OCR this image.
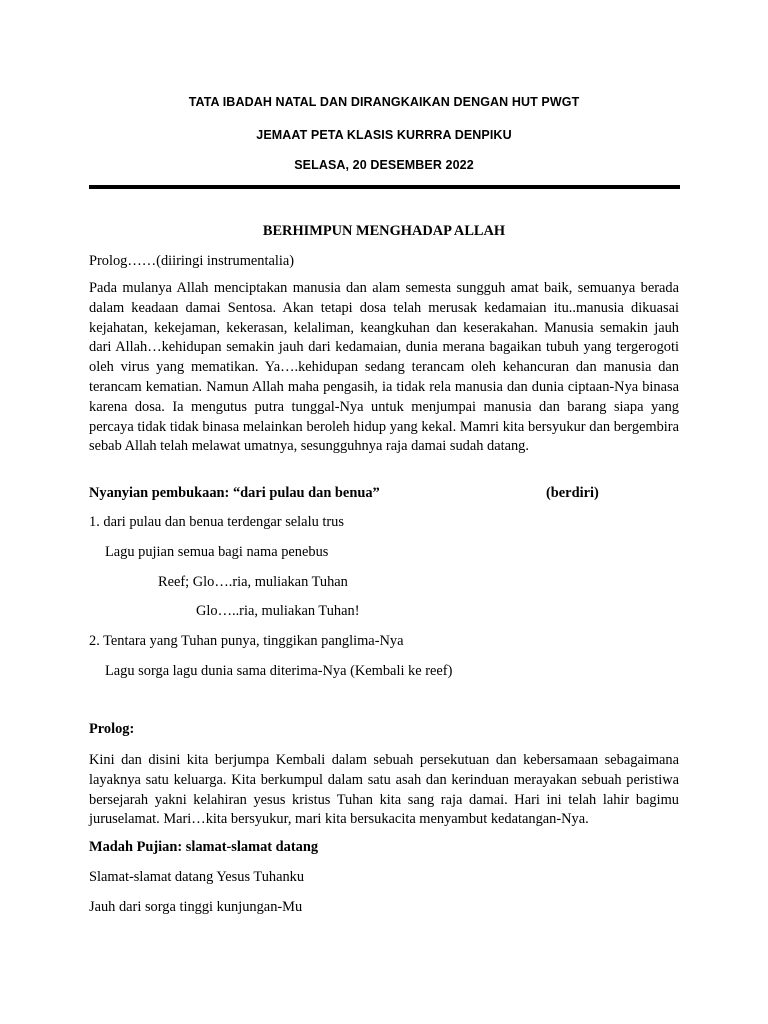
TATA IBADAH NATAL DAN DIRANGKAIKAN DENGAN HUT PWGT
JEMAAT PETA KLASIS KURRRA DENPIKU
SELASA, 20 DESEMBER 2022
BERHIMPUN MENGHADAP ALLAH
Prolog……(diiringi instrumentalia)
Pada mulanya Allah menciptakan manusia dan alam semesta sungguh amat baik, semuanya berada dalam keadaan damai Sentosa. Akan tetapi dosa telah merusak kedamaian itu..manusia dikuasai kejahatan, kekejaman, kekerasan, kelaliman, keangkuhan dan keserakahan. Manusia semakin jauh dari Allah…kehidupan semakin jauh dari kedamaian, dunia merana bagaikan tubuh yang tergerogoti oleh virus yang mematikan. Ya….kehidupan sedang terancam oleh kehancuran dan manusia dan terancam kematian. Namun Allah maha pengasih, ia tidak rela manusia dan dunia ciptaan-Nya binasa karena dosa. Ia mengutus putra tunggal-Nya untuk menjumpai manusia dan barang siapa yang percaya tidak tidak binasa melainkan beroleh hidup yang kekal. Mamri kita bersyukur dan bergembira sebab Allah telah melawat umatnya, sesungguhnya raja damai sudah datang.
Nyanyian pembukaan: “dari pulau dan benua”	(berdiri)
1. dari pulau dan benua terdengar selalu trus
Lagu pujian semua bagi nama penebus
Reef; Glo….ria, muliakan Tuhan
Glo…..ria, muliakan Tuhan!
2. Tentara yang Tuhan punya, tinggikan panglima-Nya
Lagu sorga lagu dunia sama diterima-Nya (Kembali ke reef)
Prolog:
Kini dan disini kita berjumpa Kembali dalam sebuah persekutuan dan kebersamaan sebagaimana layaknya satu keluarga. Kita berkumpul dalam satu asah dan kerinduan merayakan sebuah peristiwa bersejarah yakni kelahiran yesus kristus Tuhan kita sang raja damai. Hari ini telah lahir bagimu juruselamat. Mari…kita bersyukur, mari kita bersukacita menyambut kedatangan-Nya.
Madah Pujian: slamat-slamat datang
Slamat-slamat datang Yesus Tuhanku
Jauh dari sorga tinggi kunjungan-Mu
